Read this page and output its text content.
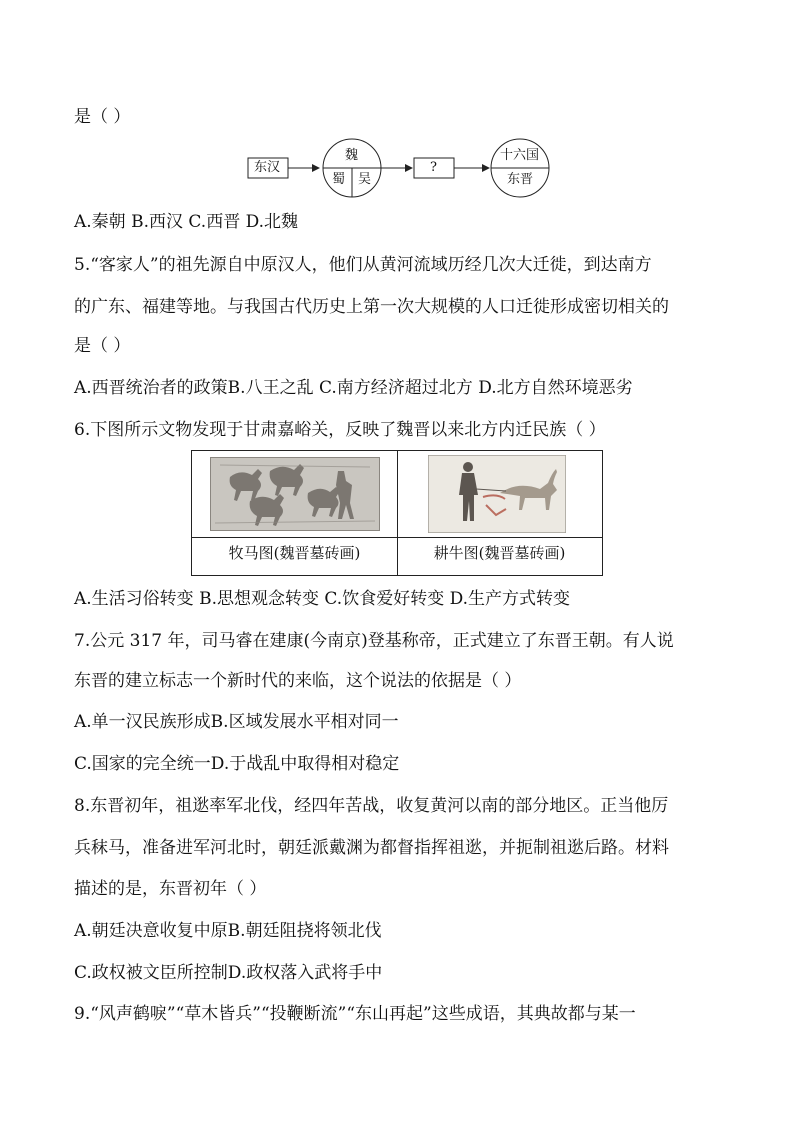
是（ ）
东汉
魏
蜀 吴
?
十六国
东晋
A.秦朝 B.西汉 C.西晋 D.北魏
5.“客家人”的祖先源自中原汉人，他们从黄河流域历经几次大迁徙，到达南方
的广东、福建等地。与我国古代历史上第一次大规模的人口迁徙形成密切相关的
是（ ）
A.西晋统治者的政策B.八王之乱 C.南方经济超过北方 D.北方自然环境恶劣
6.下图所示文物发现于甘肃嘉峪关，反映了魏晋以来北方内迁民族（ ）
牧马图(魏晋墓砖画)	耕牛图(魏晋墓砖画)
A.生活习俗转变 B.思想观念转变 C.饮食爱好转变 D.生产方式转变
7.公元 317 年，司马睿在建康(今南京)登基称帝，正式建立了东晋王朝。有人说
东晋的建立标志一个新时代的来临，这个说法的依据是（ ）
A.单一汉民族形成B.区域发展水平相对同一
C.国家的完全统一D.于战乱中取得相对稳定
8.东晋初年，祖逖率军北伐，经四年苦战，收复黄河以南的部分地区。正当他厉
兵秣马，准备进军河北时，朝廷派戴渊为都督指挥祖逖，并扼制祖逖后路。材料
描述的是，东晋初年（ ）
A.朝廷决意收复中原B.朝廷阻挠将领北伐
C.政权被文臣所控制D.政权落入武将手中
9.“风声鹤唳”“草木皆兵”“投鞭断流”“东山再起”这些成语，其典故都与某一
